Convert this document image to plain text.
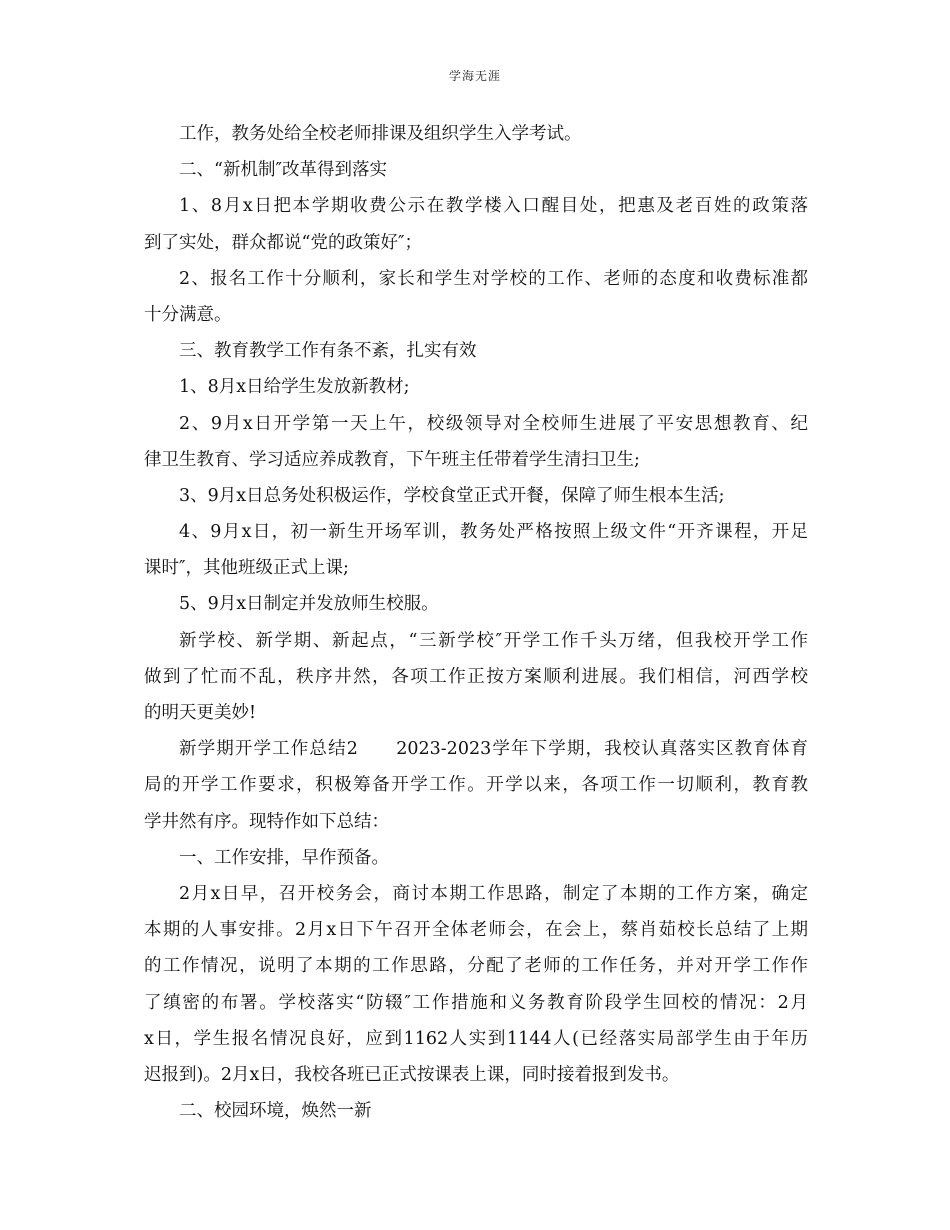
学海无涯
工作，教务处给全校老师排课及组织学生入学考试。
二、“新机制″改革得到落实
1、8月x日把本学期收费公示在教学楼入口醒目处，把惠及老百姓的政策落
到了实处，群众都说“党的政策好″；
2、报名工作十分顺利，家长和学生对学校的工作、老师的态度和收费标准都
十分满意。
三、教育教学工作有条不紊，扎实有效
1、8月x日给学生发放新教材;
2、9月x日开学第一天上午，校级领导对全校师生进展了平安思想教育、纪
律卫生教育、学习适应养成教育，下午班主任带着学生清扫卫生;
3、9月x日总务处积极运作，学校食堂正式开餐，保障了师生根本生活;
4、9月x日，初一新生开场军训，教务处严格按照上级文件“开齐课程，开足
课时″，其他班级正式上课;
5、9月x日制定并发放师生校服。
新学校、新学期、新起点，“三新学校″开学工作千头万绪，但我校开学工作
做到了忙而不乱，秩序井然，各项工作正按方案顺利进展。我们相信，河西学校
的明天更美妙!
新学期开学工作总结2　　2023-2023学年下学期，我校认真落实区教育体育
局的开学工作要求，积极筹备开学工作。开学以来，各项工作一切顺利，教育教
学井然有序。现特作如下总结：
一、工作安排，早作预备。
2月x日早，召开校务会，商讨本期工作思路，制定了本期的工作方案，确定
本期的人事安排。2月x日下午召开全体老师会，在会上，蔡肖茹校长总结了上期
的工作情况，说明了本期的工作思路，分配了老师的工作任务，并对开学工作作
了缜密的布署。学校落实“防辍″工作措施和义务教育阶段学生回校的情况：2月
x日，学生报名情况良好，应到1162人实到1144人(已经落实局部学生由于年历
迟报到)。2月x日，我校各班已正式按课表上课，同时接着报到发书。
二、校园环境，焕然一新
